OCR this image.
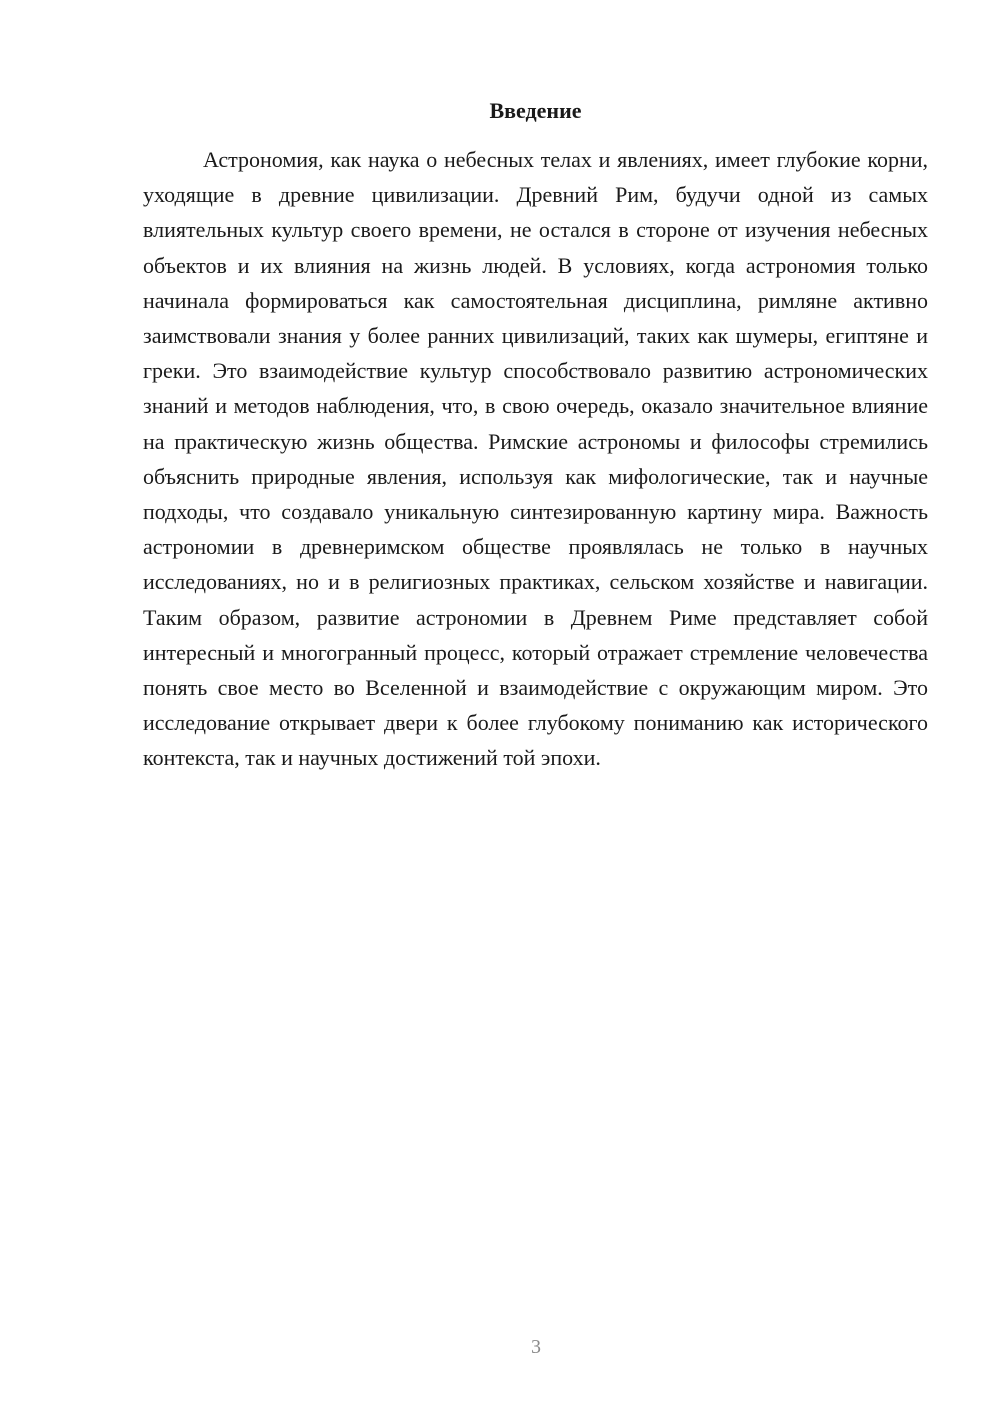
Введение

Астрономия, как наука о небесных телах и явлениях, имеет глубокие корни, уходящие в древние цивилизации. Древний Рим, будучи одной из самых влиятельных культур своего времени, не остался в стороне от изучения небесных объектов и их влияния на жизнь людей. В условиях, когда астрономия только начинала формироваться как самостоятельная дисциплина, римляне активно заимствовали знания у более ранних цивилизаций, таких как шумеры, египтяне и греки. Это взаимодействие культур способствовало развитию астрономических знаний и методов наблюдения, что, в свою очередь, оказало значительное влияние на практическую жизнь общества. Римские астрономы и философы стремились объяснить природные явления, используя как мифологические, так и научные подходы, что создавало уникальную синтезированную картину мира. Важность астрономии в древнеримском обществе проявлялась не только в научных исследованиях, но и в религиозных практиках, сельском хозяйстве и навигации. Таким образом, развитие астрономии в Древнем Риме представляет собой интересный и многогранный процесс, который отражает стремление человечества понять свое место во Вселенной и взаимодействие с окружающим миром. Это исследование открывает двери к более глубокому пониманию как исторического контекста, так и научных достижений той эпохи.

3
